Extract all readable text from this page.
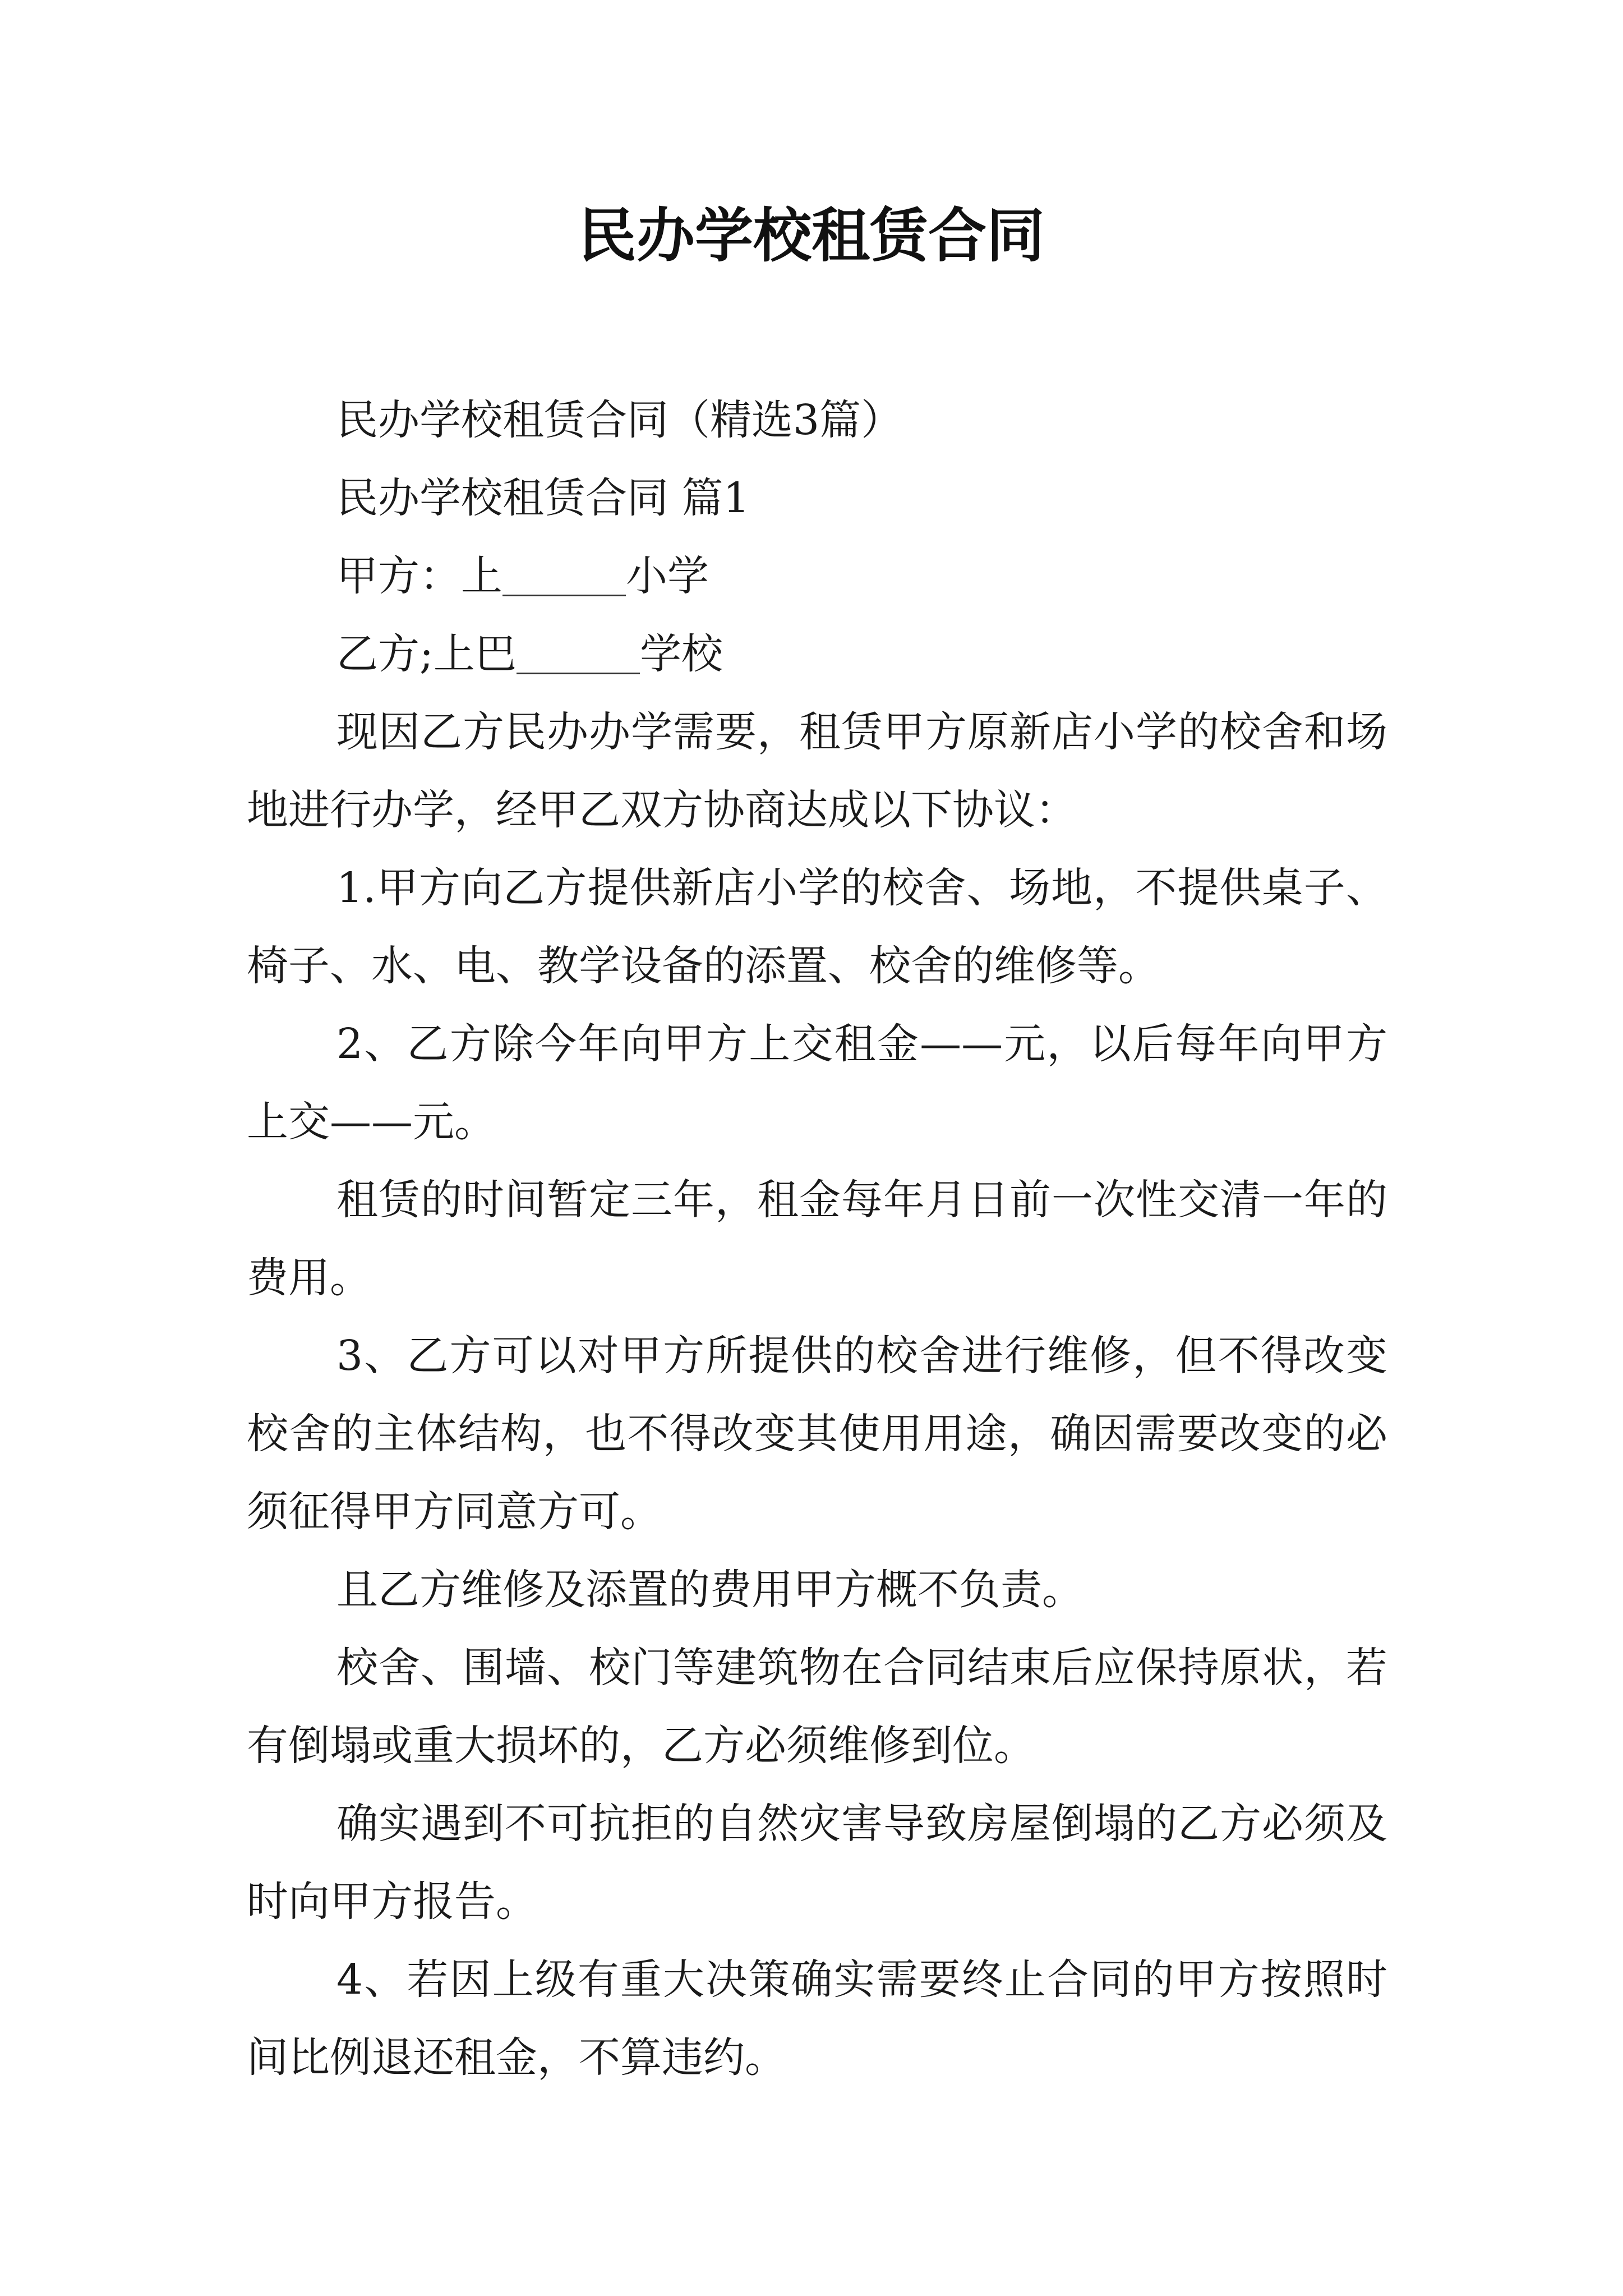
民办学校租赁合同

民办学校租赁合同（精选3篇）

民办学校租赁合同 篇1

甲方：上	小学

乙方;上巴	学校

现因乙方民办办学需要，租赁甲方原新店小学的校舍和场地进行办学，经甲乙双方协商达成以下协议：

1.甲方向乙方提供新店小学的校舍、场地，不提供桌子、椅子、水、电、教学设备的添置、校舍的维修等。

2、乙方除今年向甲方上交租金——元，以后每年向甲方上交——元。

租赁的时间暂定三年，租金每年月日前一次性交清一年的费用。

3、乙方可以对甲方所提供的校舍进行维修，但不得改变校舍的主体结构，也不得改变其使用用途，确因需要改变的必须征得甲方同意方可。

且乙方维修及添置的费用甲方概不负责。

校舍、围墙、校门等建筑物在合同结束后应保持原状，若有倒塌或重大损坏的，乙方必须维修到位。

确实遇到不可抗拒的自然灾害导致房屋倒塌的乙方必须及时向甲方报告。

4、若因上级有重大决策确实需要终止合同的甲方按照时间比例退还租金，不算违约。
